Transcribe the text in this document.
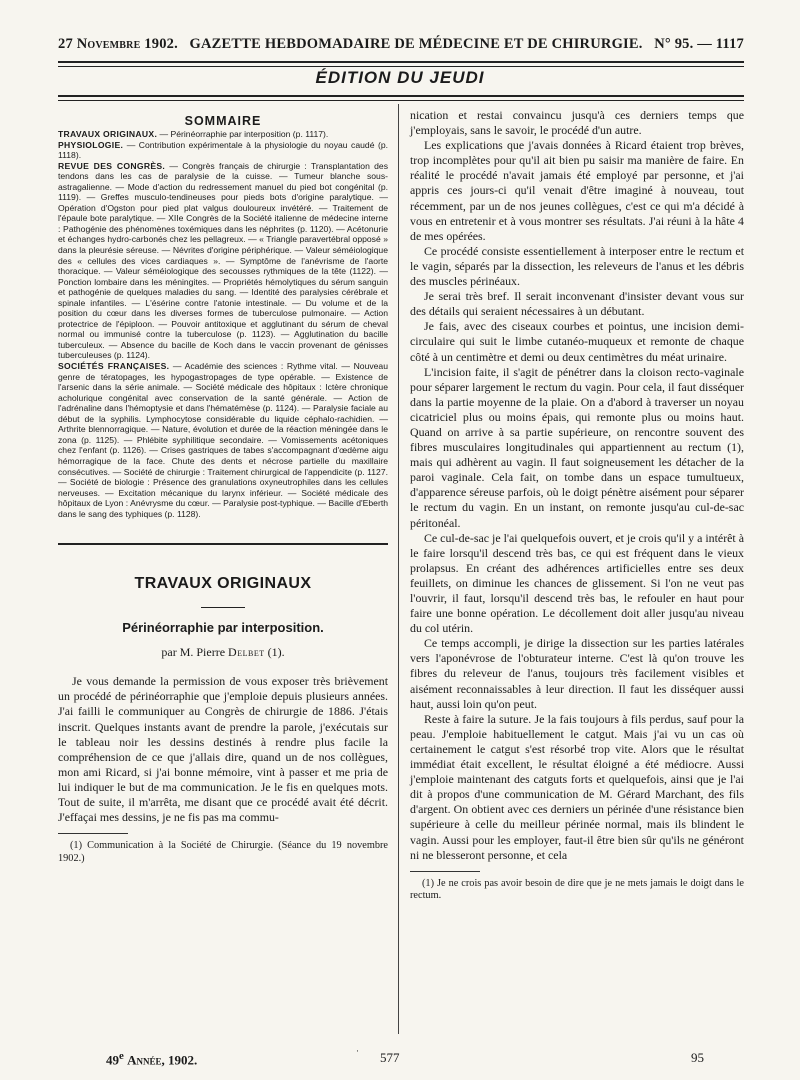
27 Novembre 1902. GAZETTE HEBDOMADAIRE DE MÉDECINE ET DE CHIRURGIE. N° 95. — 1117
ÉDITION DU JEUDI
SOMMAIRE

TRAVAUX ORIGINAUX. — Périnéorraphie par interposition (p. 1117).

PHYSIOLOGIE. — Contribution expérimentale à la physiologie du noyau caudé (p. 1118).

REVUE DES CONGRÈS. — Congrès français de chirurgie : Transplantation des tendons dans les cas de paralysie de la cuisse. — Tumeur blanche sous-astragalienne. — Mode d'action du redressement manuel du pied bot congénital (p. 1119). — Greffes musculo-tendineuses pour pieds bots d'origine paralytique. — Opération d'Ogston pour pied plat valgus douloureux invétéré. — Traitement de l'épaule bote paralytique. — XIIe Congrès de la Société italienne de médecine interne : Pathogénie des phénomènes toxémiques dans les néphrites (p. 1120). — Acétonurie et échanges hydro-carbonés chez les pellagreux. — « Triangle paravertébral opposé » dans la pleurésie séreuse. — Névrites d'origine périphérique. — Valeur séméiologique des « cellules des vices cardiaques ». — Symptôme de l'anévrisme de l'aorte thoracique. — Valeur séméiologique des secousses rythmiques de la tête (1122). — Ponction lombaire dans les méningites. — Propriétés hémolytiques du sérum sanguin et pathogénie de quelques maladies du sang. — Identité des paralysies cérébrale et spinale infantiles. — L'ésérine contre l'atonie intestinale. — Du volume et de la position du cœur dans les diverses formes de tuberculose pulmonaire. — Action protectrice de l'épiploon. — Pouvoir antitoxique et agglutinant du sérum de cheval normal ou immunisé contre la tuberculose (p. 1123). — Agglutination du bacille tuberculeux. — Absence du bacille de Koch dans le vaccin provenant de génisses tuberculeuses (p. 1124).

SOCIÉTÉS FRANÇAISES. — Académie des sciences : Rythme vital. — Nouveau genre de tératopages, les hypogastropages de type opérable. — Existence de l'arsenic dans la série animale. — Société médicale des hôpitaux : Ictère chronique acholurique congénital avec conservation de la santé générale. — Action de l'adrénaline dans l'hémoptysie et dans l'hématémèse (p. 1124). — Paralysie faciale au début de la syphilis. Lymphocytose considérable du liquide céphalo-rachidien. — Arthrite blennorragique. — Nature, évolution et durée de la réaction méningée dans le zona (p. 1125). — Phlébite syphilitique secondaire. — Vomissements acétoniques chez l'enfant (p. 1126). — Crises gastriques de tabes s'accompagnant d'œdème aigu hémorragique de la face. Chute des dents et nécrose partielle du maxillaire consécutives. — Société de chirurgie : Traitement chirurgical de l'appendicite (p. 1127. — Société de biologie : Présence des granulations oxyneutrophiles dans les cellules nerveuses. — Excitation mécanique du larynx inférieur. — Société médicale des hôpitaux de Lyon : Anévrysme du cœur. — Paralysie post-typhique. — Bacille d'Eberth dans le sang des typhiques (p. 1128).

TRAVAUX ORIGINAUX
Périnéorraphie par interposition.
par M. Pierre Delbet (1).

Je vous demande la permission de vous exposer très brièvement un procédé de périnéorraphie que j'emploie depuis plusieurs années. J'ai failli le communiquer au Congrès de chirurgie de 1886. J'étais inscrit. Quelques instants avant de prendre la parole, j'exécutais sur le tableau noir les dessins destinés à rendre plus facile la compréhension de ce que j'allais dire, quand un de nos collègues, mon ami Ricard, si j'ai bonne mémoire, vint à passer et me pria de lui indiquer le but de ma communication. Je le fis en quelques mots. Tout de suite, il m'arrêta, me disant que ce procédé avait été décrit. J'effaçai mes dessins, je ne fis pas ma commu-

(1) Communication à la Société de Chirurgie. (Séance du 19 novembre 1902.)

nication et restai convaincu jusqu'à ces derniers temps que j'employais, sans le savoir, le procédé d'un autre.

Les explications que j'avais données à Ricard étaient trop brèves, trop incomplètes pour qu'il ait bien pu saisir ma manière de faire. En réalité le procédé n'avait jamais été employé par personne, et j'ai appris ces jours-ci qu'il venait d'être imaginé à nouveau, tout récemment, par un de nos jeunes collègues, c'est ce qui m'a décidé à vous en entretenir et à vous montrer ses résultats. J'ai réuni à la hâte 4 de mes opérées.

Ce procédé consiste essentiellement à interposer entre le rectum et le vagin, séparés par la dissection, les releveurs de l'anus et les débris des muscles périnéaux.

Je serai très bref. Il serait inconvenant d'insister devant vous sur des détails qui seraient nécessaires à un débutant.

Je fais, avec des ciseaux courbes et pointus, une incision demi-circulaire qui suit le limbe cutanéo-muqueux et remonte de chaque côté à un centimètre et demi ou deux centimètres du méat urinaire.

L'incision faite, il s'agit de pénétrer dans la cloison recto-vaginale pour séparer largement le rectum du vagin. Pour cela, il faut disséquer dans la partie moyenne de la plaie. On a d'abord à traverser un noyau cicatriciel plus ou moins épais, qui remonte plus ou moins haut. Quand on arrive à sa partie supérieure, on rencontre souvent des fibres musculaires longitudinales qui appartiennent au rectum (1), mais qui adhèrent au vagin. Il faut soigneusement les détacher de la paroi vaginale. Cela fait, on tombe dans un espace tumultueux, d'apparence séreuse parfois, où le doigt pénètre aisément pour séparer le rectum du vagin. En un instant, on remonte jusqu'au cul-de-sac péritonéal.

Ce cul-de-sac je l'ai quelquefois ouvert, et je crois qu'il y a intérêt à le faire lorsqu'il descend très bas, ce qui est fréquent dans le vieux prolapsus. En créant des adhérences artificielles entre ses deux feuillets, on diminue les chances de glissement. Si l'on ne veut pas l'ouvrir, il faut, lorsqu'il descend très bas, le refouler en haut pour faire une bonne opération. Le décollement doit aller jusqu'au niveau du col utérin.

Ce temps accompli, je dirige la dissection sur les parties latérales vers l'aponévrose de l'obturateur interne. C'est là qu'on trouve les fibres du releveur de l'anus, toujours très facilement visibles et aisément reconnaissables à leur direction. Il faut les disséquer aussi haut, aussi loin qu'on peut.

Reste à faire la suture. Je la fais toujours à fils perdus, sauf pour la peau. J'emploie habituellement le catgut. Mais j'ai vu un cas où certainement le catgut s'est résorbé trop vite. Alors que le résultat immédiat était excellent, le résultat éloigné a été médiocre. Aussi j'emploie maintenant des catguts forts et quelquefois, ainsi que je l'ai dit à propos d'une communication de M. Gérard Marchant, des fils d'argent. On obtient avec ces derniers un périnée d'une résistance bien supérieure à celle du meilleur périnée normal, mais ils blindent le vagin. Aussi pour les employer, faut-il être bien sûr qu'ils ne généront ni ne blesseront personne, et cela

(1) Je ne crois pas avoir besoin de dire que je ne mets jamais le doigt dans le rectum.

49e Année, 1902.
· 577	95
